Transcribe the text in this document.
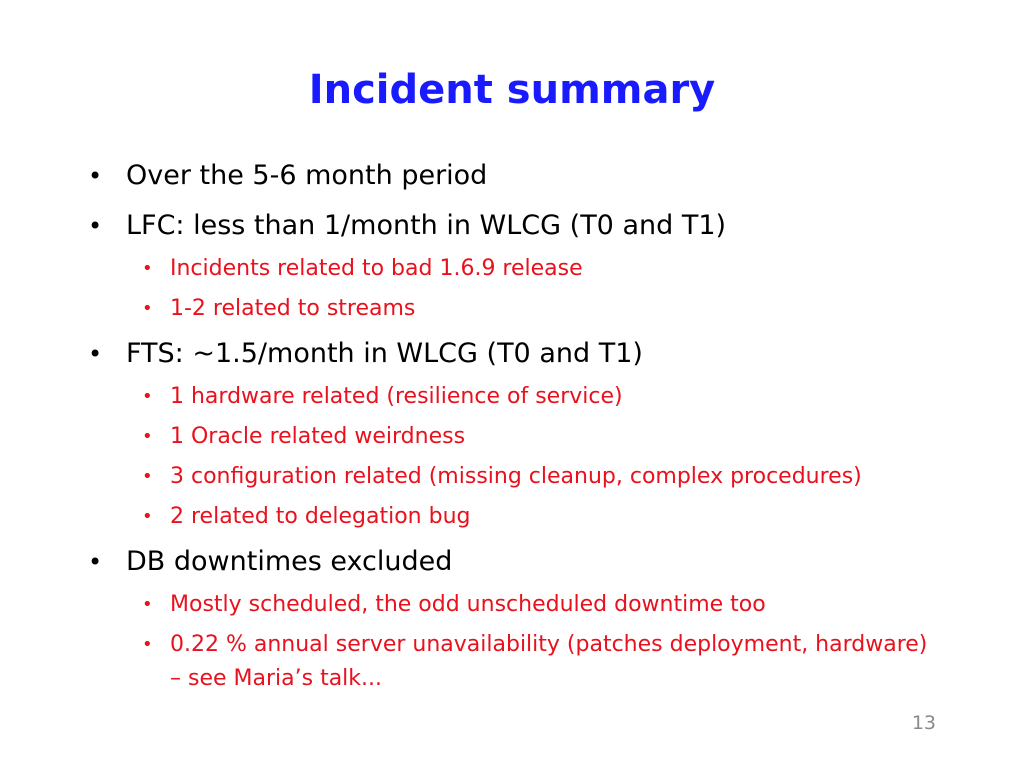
Incident summary
• Over the 5-6 month period
• LFC: less than 1/month in WLCG (T0 and T1)
• Incidents related to bad 1.6.9 release
• 1-2 related to streams
• FTS: ~1.5/month in WLCG (T0 and T1)
• 1 hardware related (resilience of service)
• 1 Oracle related weirdness
• 3 configuration related (missing cleanup, complex procedures)
• 2 related to delegation bug
• DB downtimes excluded
• Mostly scheduled, the odd unscheduled downtime too
• 0.22 % annual server unavailability (patches deployment, hardware) – see Maria’s talk...
13
